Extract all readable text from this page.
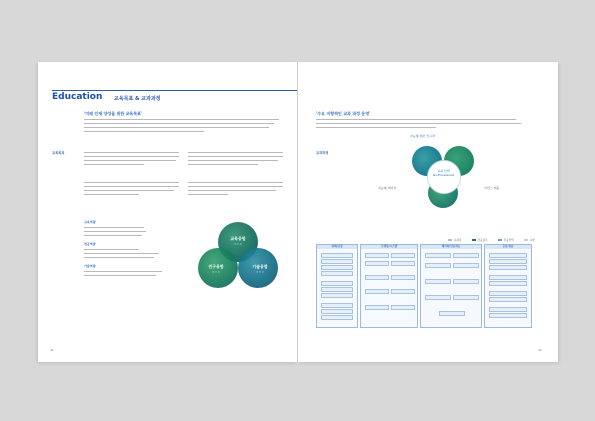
Education 교육목표 & 교과과정
'미래 인재 양성을 위한 교육목표'
교육목표
교육역량
전공역량
기술역량
교육융합
연구융합	기술융합
• • •
• • •	• • •
41
'수요 지향적인 교과 과정 운영'
교과과정
지능형 제조 인프라
교육 산학
Go-Excellence
지능형 데이터	서비스 제품
교과목	전공필수	전공선택	교양
설계/공정	모델링/시스템	데이터/인공지능	응용/실습
42
